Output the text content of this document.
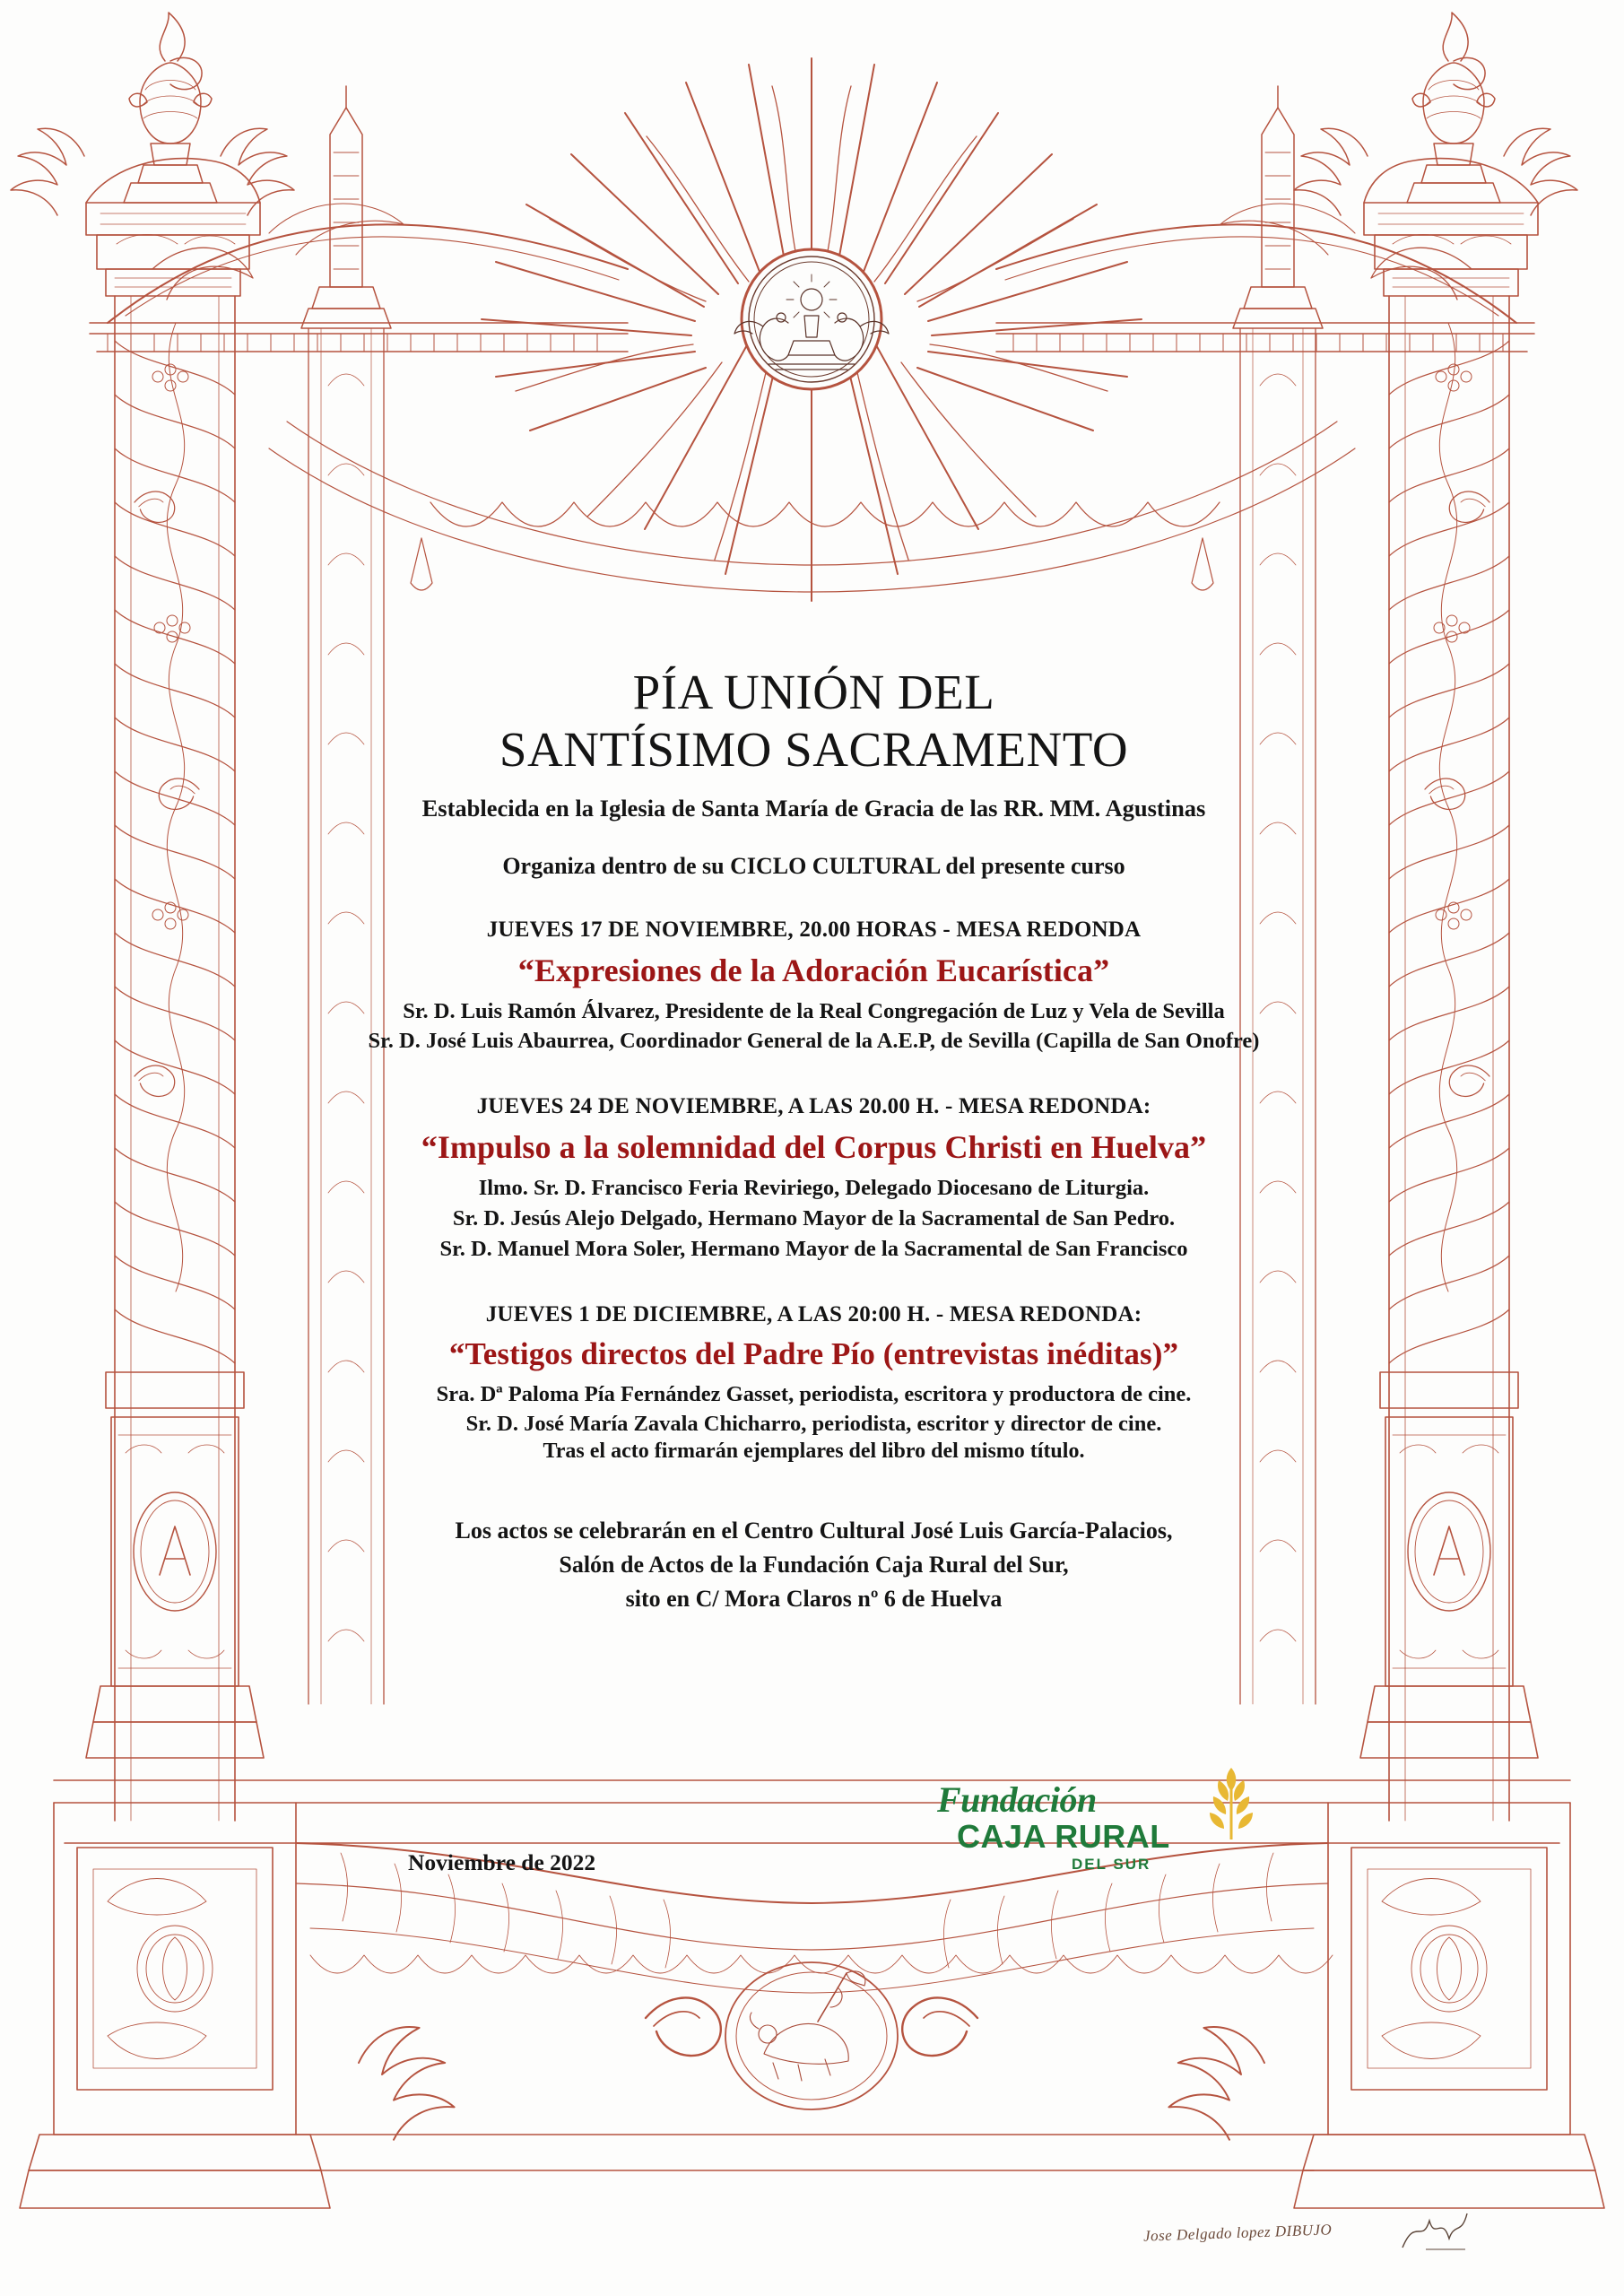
PÍA UNIÓN DEL
SANTÍSIMO SACRAMENTO
Establecida en la Iglesia de Santa María de Gracia de las RR. MM. Agustinas
Organiza dentro de su CICLO CULTURAL del presente curso
JUEVES 17 DE NOVIEMBRE, 20.00 HORAS - MESA REDONDA
“Expresiones de la Adoración Eucarística”
Sr. D. Luis Ramón Álvarez, Presidente de la Real Congregación de Luz y Vela de Sevilla
Sr. D. José Luis Abaurrea, Coordinador General de la A.E.P, de Sevilla (Capilla de San Onofre)
JUEVES 24 DE NOVIEMBRE, A LAS 20.00 H. - MESA REDONDA:
“Impulso a la solemnidad del Corpus Christi en Huelva”
Ilmo. Sr. D. Francisco Feria Reviriego, Delegado Diocesano de Liturgia.
Sr. D. Jesús Alejo Delgado, Hermano Mayor de la Sacramental de San Pedro.
Sr. D. Manuel Mora Soler, Hermano Mayor de la Sacramental de San Francisco
JUEVES 1 DE DICIEMBRE, A LAS 20:00 H. - MESA REDONDA:
“Testigos directos del Padre Pío (entrevistas inéditas)”
Sra. Dª Paloma Pía Fernández Gasset, periodista, escritora y productora de cine.
Sr. D. José María Zavala Chicharro, periodista, escritor y director de cine.
Tras el acto firmarán ejemplares del libro del mismo título.
Los actos se celebrarán en el Centro Cultural José Luis García-Palacios,
Salón de Actos de la Fundación Caja Rural del Sur,
sito en C/ Mora Claros nº 6 de Huelva
Noviembre de 2022
Fundación
CAJA RURAL
DEL SUR
Jose Delgado lopez DIBUJO
